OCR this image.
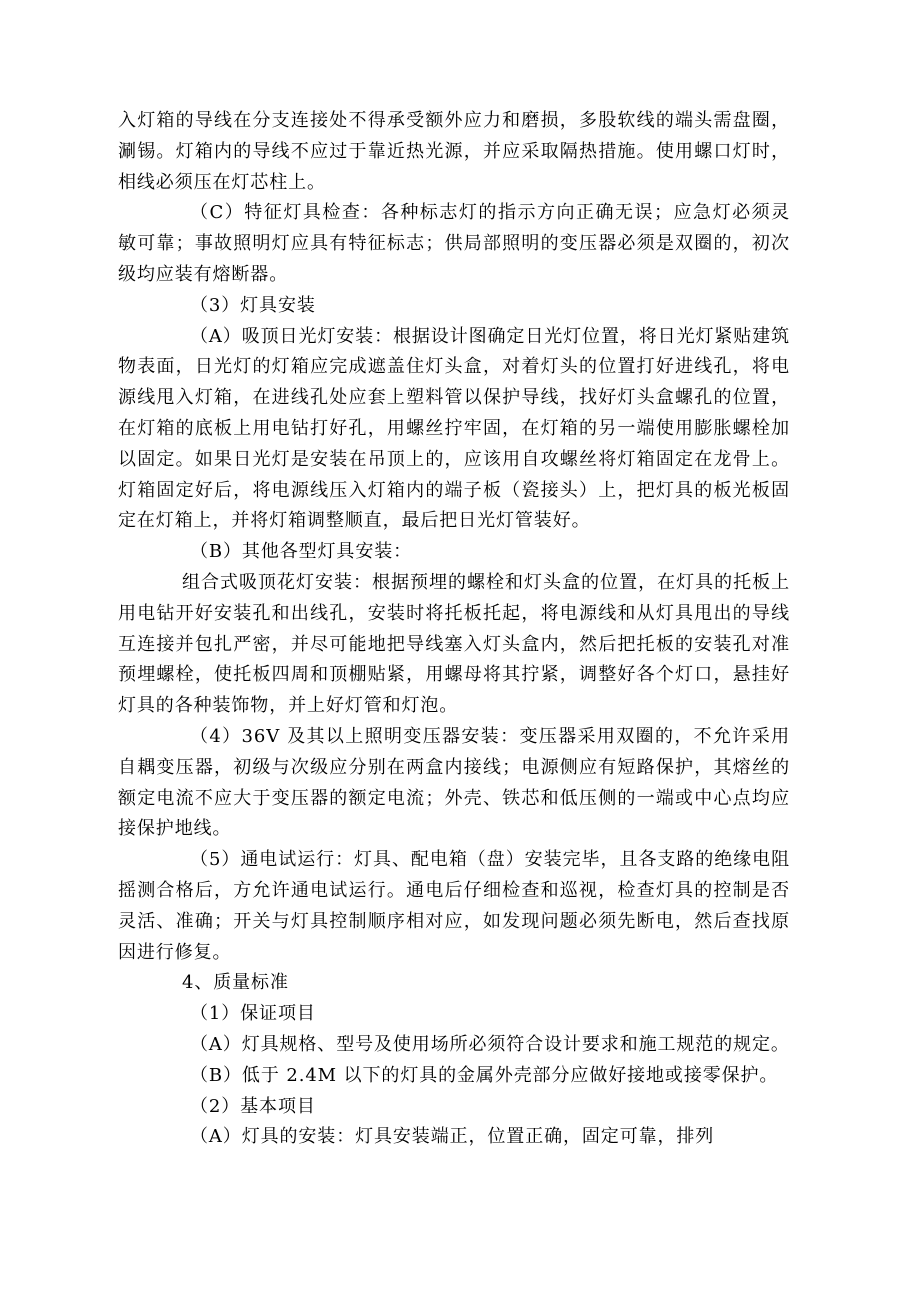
入灯箱的导线在分支连接处不得承受额外应力和磨损，多股软线的端头需盘圈，涮锡。灯箱内的导线不应过于靠近热光源，并应采取隔热措施。使用螺口灯时，相线必须压在灯芯柱上。

（C）特征灯具检查：各种标志灯的指示方向正确无误；应急灯必须灵敏可靠；事故照明灯应具有特征标志；供局部照明的变压器必须是双圈的，初次级均应装有熔断器。

（3）灯具安装

（A）吸顶日光灯安装：根据设计图确定日光灯位置，将日光灯紧贴建筑物表面，日光灯的灯箱应完成遮盖住灯头盒，对着灯头的位置打好进线孔，将电源线甩入灯箱，在进线孔处应套上塑料管以保护导线，找好灯头盒螺孔的位置，在灯箱的底板上用电钻打好孔，用螺丝拧牢固，在灯箱的另一端使用膨胀螺栓加以固定。如果日光灯是安装在吊顶上的，应该用自攻螺丝将灯箱固定在龙骨上。灯箱固定好后，将电源线压入灯箱内的端子板（瓷接头）上，把灯具的板光板固定在灯箱上，并将灯箱调整顺直，最后把日光灯管装好。

（B）其他各型灯具安装：

组合式吸顶花灯安装：根据预埋的螺栓和灯头盒的位置，在灯具的托板上用电钻开好安装孔和出线孔，安装时将托板托起，将电源线和从灯具甩出的导线互连接并包扎严密，并尽可能地把导线塞入灯头盒内，然后把托板的安装孔对准预埋螺栓，使托板四周和顶棚贴紧，用螺母将其拧紧，调整好各个灯口，悬挂好灯具的各种装饰物，并上好灯管和灯泡。

（4）36V 及其以上照明变压器安装：变压器采用双圈的，不允许采用自耦变压器，初级与次级应分别在两盒内接线；电源侧应有短路保护，其熔丝的额定电流不应大于变压器的额定电流；外壳、铁芯和低压侧的一端或中心点均应接保护地线。

（5）通电试运行：灯具、配电箱（盘）安装完毕，且各支路的绝缘电阻摇测合格后，方允许通电试运行。通电后仔细检查和巡视，检查灯具的控制是否灵活、准确；开关与灯具控制顺序相对应，如发现问题必须先断电，然后查找原因进行修复。

4、质量标准

（1）保证项目

（A）灯具规格、型号及使用场所必须符合设计要求和施工规范的规定。

（B）低于 2.4M 以下的灯具的金属外壳部分应做好接地或接零保护。

（2）基本项目

（A）灯具的安装：灯具安装端正，位置正确，固定可靠，排列
